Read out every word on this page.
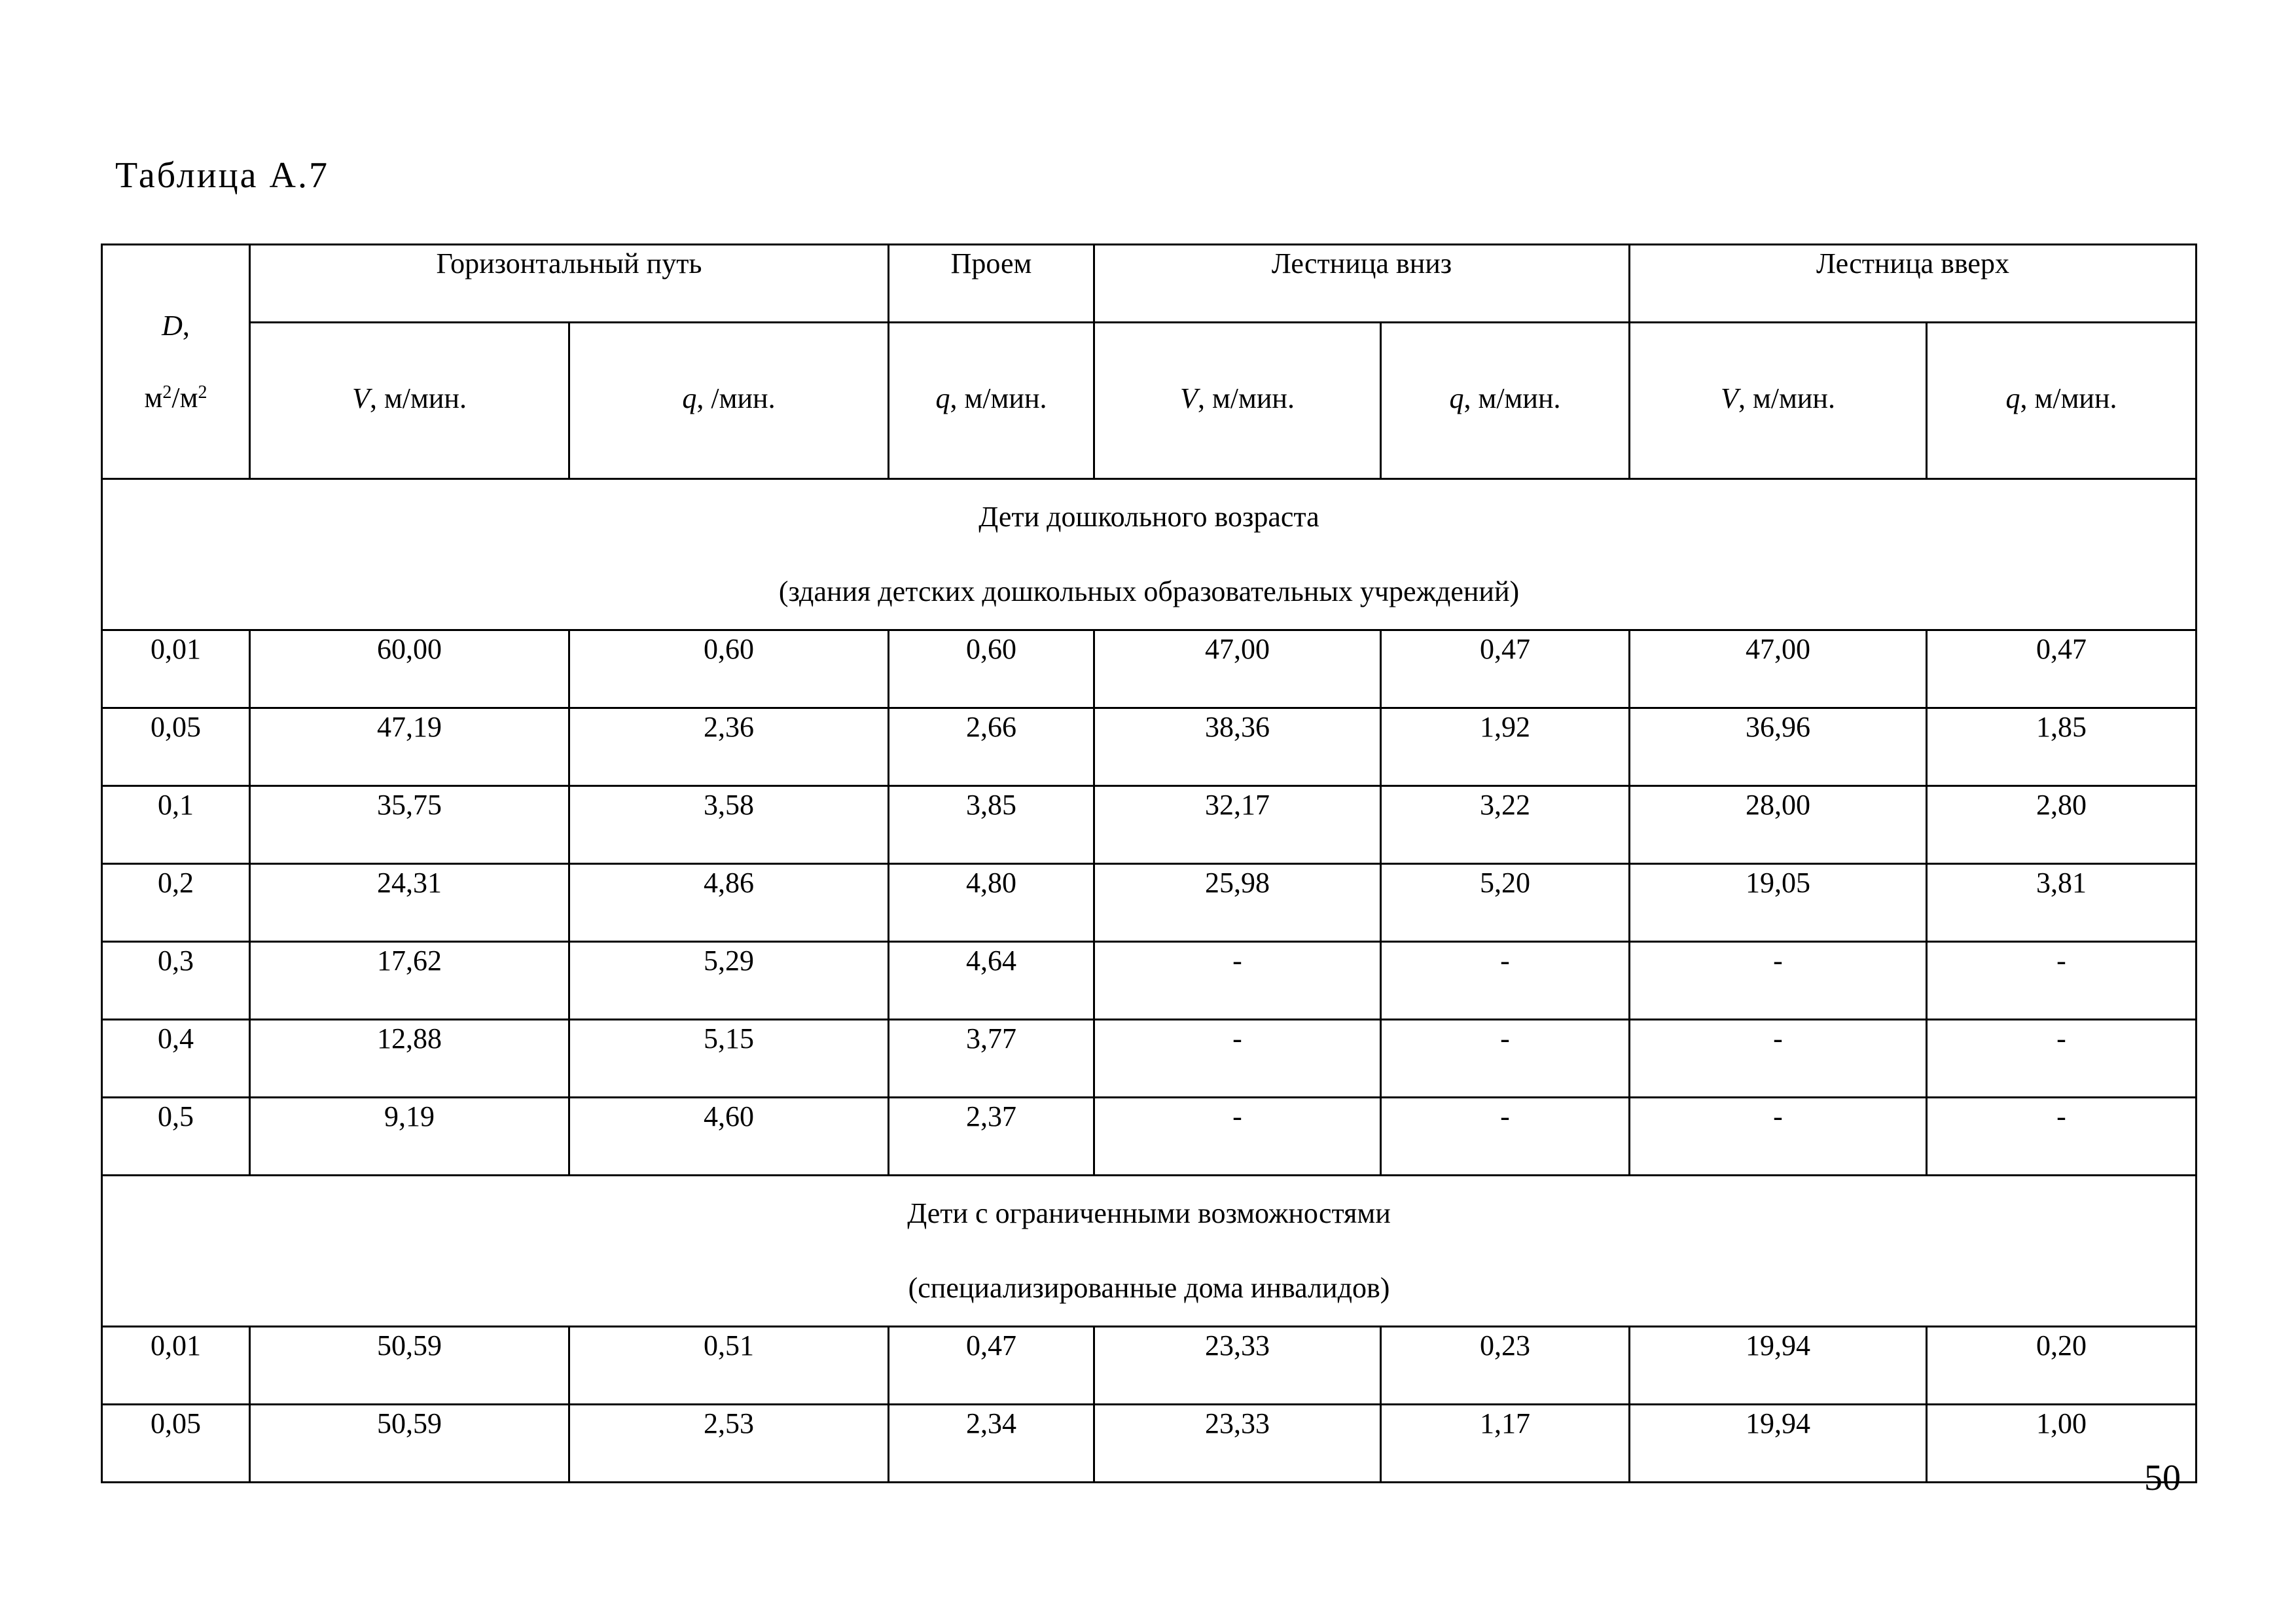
Таблица А.7
D,
$м^2/м^2$	Горизонтальный путь		Проем	Лестница вниз		Лестница вверх	
	V, м/мин.	q, /мин.	q, м/мин.	V, м/мин.	q, м/мин.	V, м/мин.	q, м/мин.

Дети дошкольного возраста
(здания детских дошкольных образовательных учреждений)							

0,01	60,00	0,60	0,60	47,00	0,47	47,00	0,47
0,05	47,19	2,36	2,66	38,36	1,92	36,96	1,85
0,1	35,75	3,58	3,85	32,17	3,22	28,00	2,80
0,2	24,31	4,86	4,80	25,98	5,20	19,05	3,81
0,3	17,62	5,29	4,64	-	-	-	-
0,4	12,88	5,15	3,77	-	-	-	-
0,5	9,19	4,60	2,37	-	-	-	-

Дети с ограниченными возможностями
(специализированные дома инвалидов)							

0,01	50,59	0,51	0,47	23,33	0,23	19,94	0,20
0,05	50,59	2,53	2,34	23,33	1,17	19,94	1,00
50
